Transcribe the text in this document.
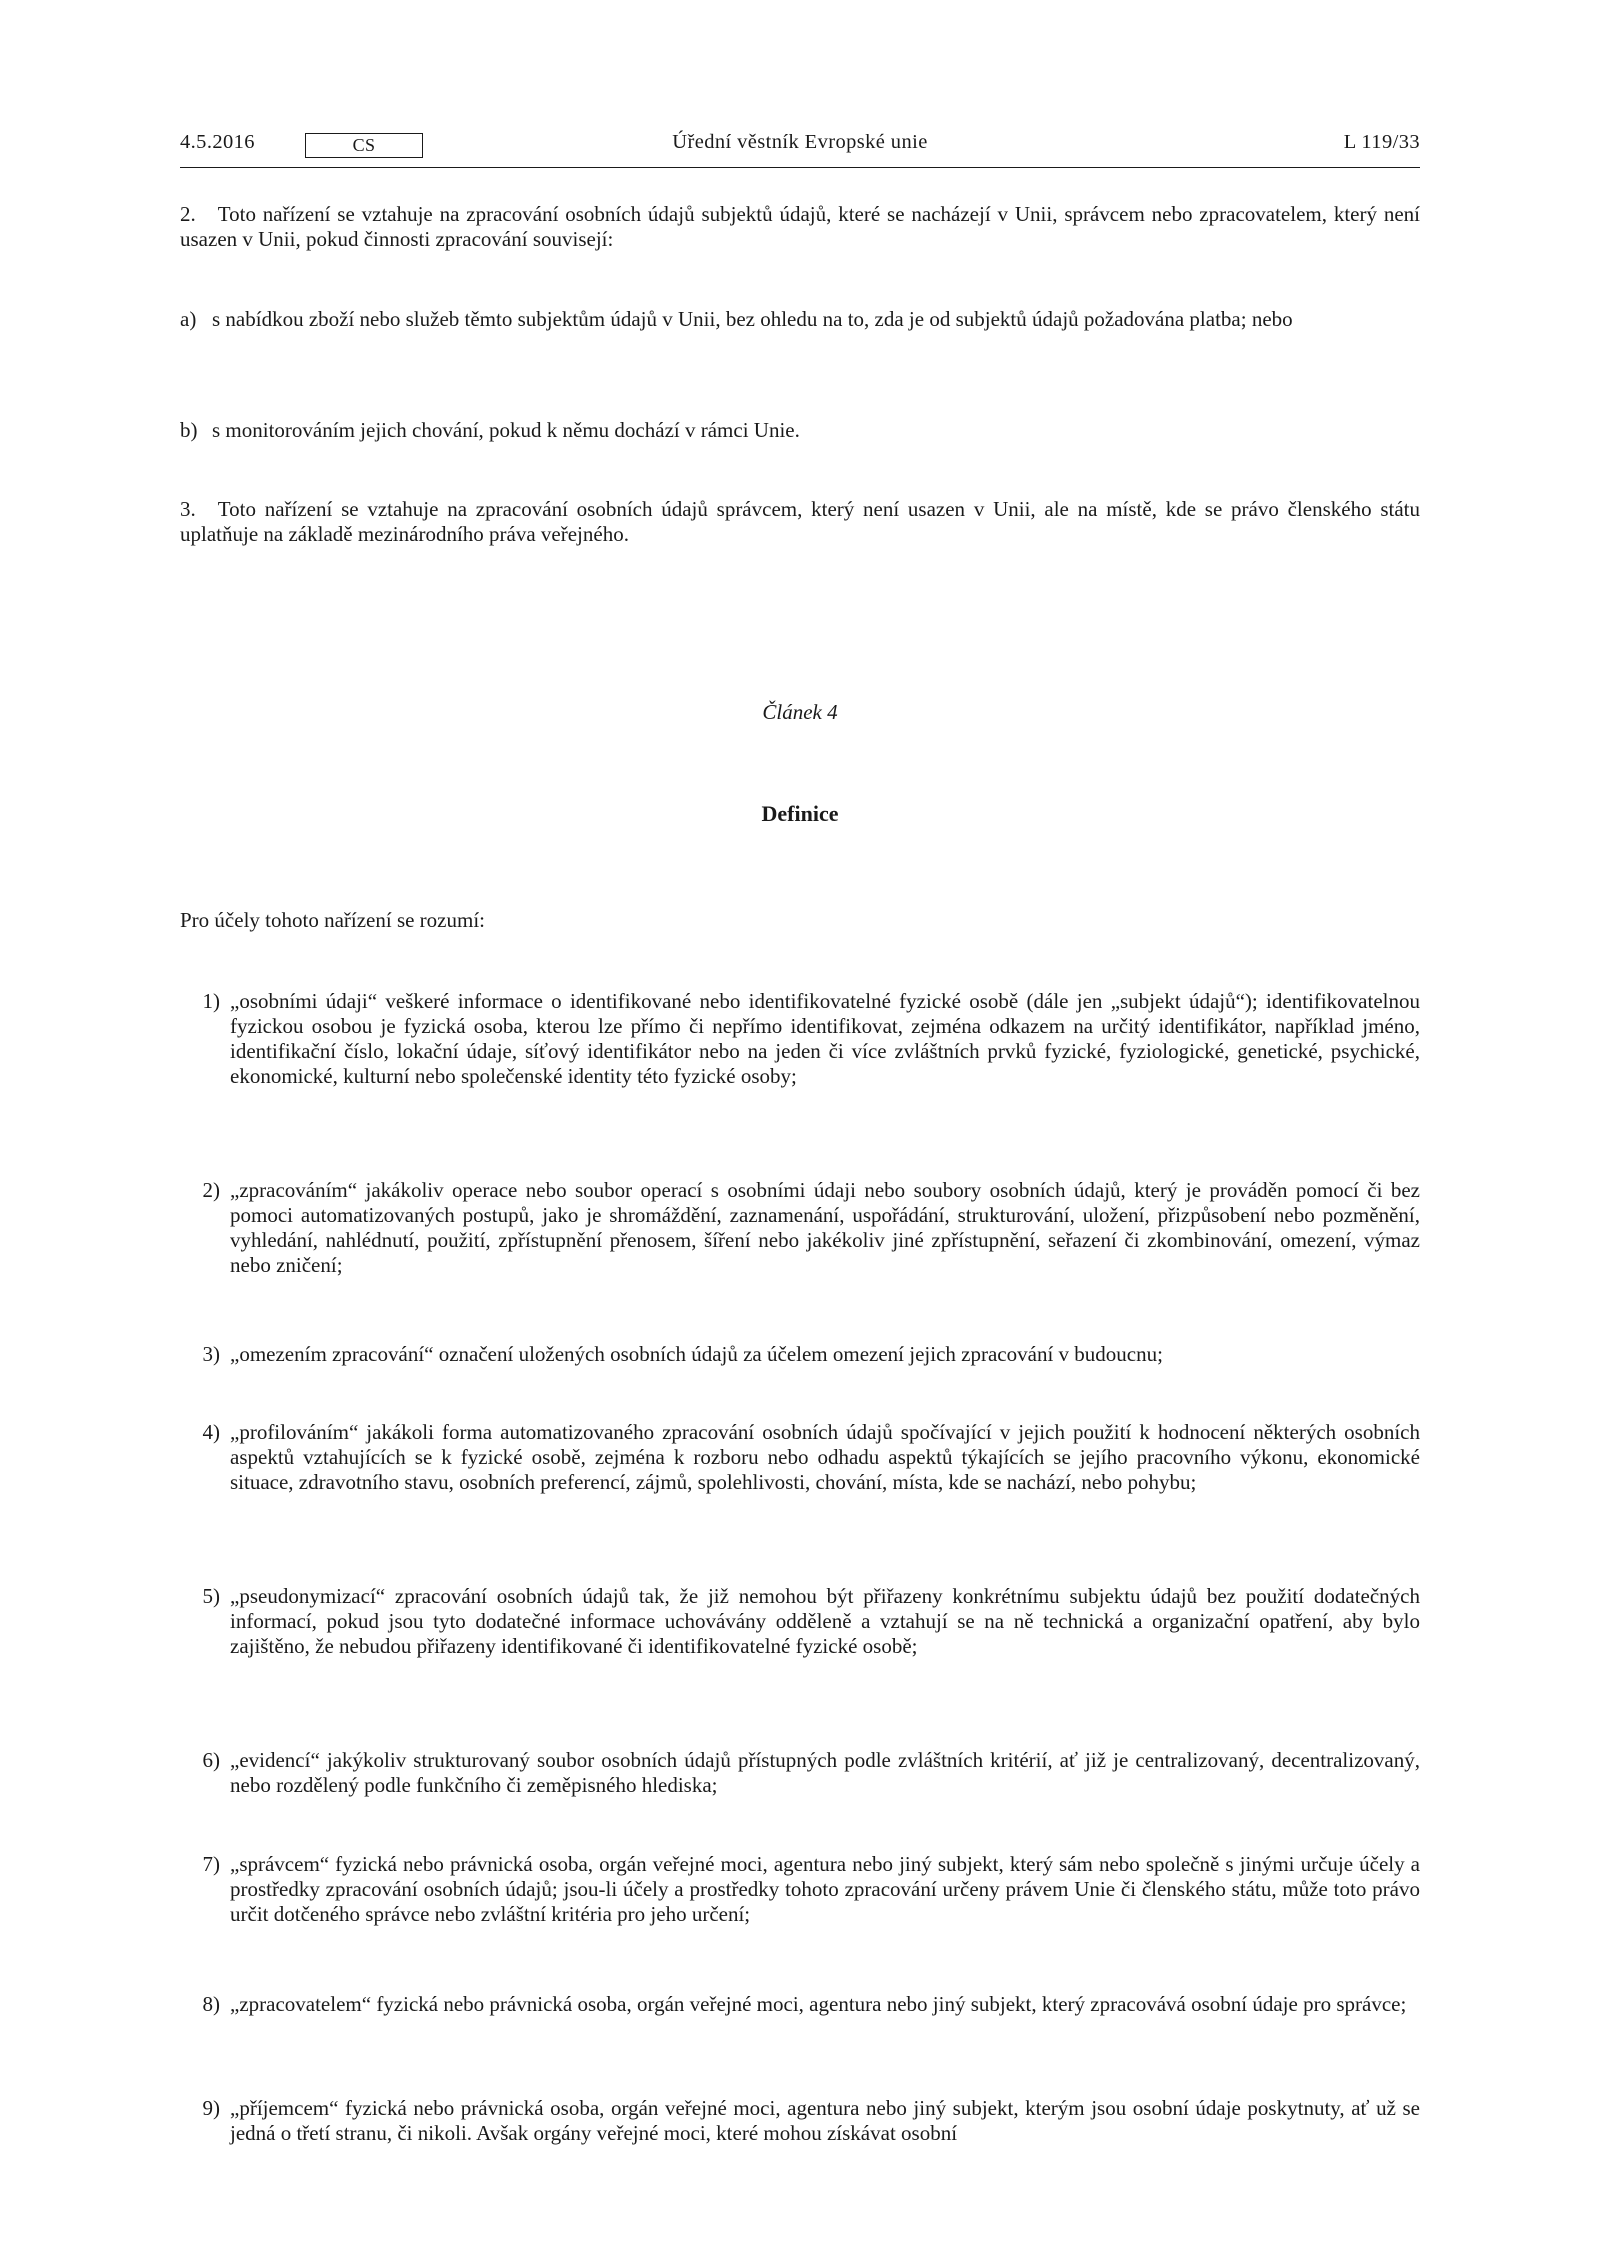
4.5.2016	CS	Úřední věstník Evropské unie	L 119/33
2. Toto nařízení se vztahuje na zpracování osobních údajů subjektů údajů, které se nacházejí v Unii, správcem nebo zpracovatelem, který není usazen v Unii, pokud činnosti zpracování souvisejí:
a) s nabídkou zboží nebo služeb těmto subjektům údajů v Unii, bez ohledu na to, zda je od subjektů údajů požadována platba; nebo
b) s monitorováním jejich chování, pokud k němu dochází v rámci Unie.
3. Toto nařízení se vztahuje na zpracování osobních údajů správcem, který není usazen v Unii, ale na místě, kde se právo členského státu uplatňuje na základě mezinárodního práva veřejného.
Článek 4
Definice
Pro účely tohoto nařízení se rozumí:
1) „osobními údaji“ veškeré informace o identifikované nebo identifikovatelné fyzické osobě (dále jen „subjekt údajů“); identifikovatelnou fyzickou osobou je fyzická osoba, kterou lze přímo či nepřímo identifikovat, zejména odkazem na určitý identifikátor, například jméno, identifikační číslo, lokační údaje, síťový identifikátor nebo na jeden či více zvláštních prvků fyzické, fyziologické, genetické, psychické, ekonomické, kulturní nebo společenské identity této fyzické osoby;
2) „zpracováním“ jakákoliv operace nebo soubor operací s osobními údaji nebo soubory osobních údajů, který je prováděn pomocí či bez pomoci automatizovaných postupů, jako je shromáždění, zaznamenání, uspořádání, strukturování, uložení, přizpůsobení nebo pozměnění, vyhledání, nahlédnutí, použití, zpřístupnění přenosem, šíření nebo jakékoliv jiné zpřístupnění, seřazení či zkombinování, omezení, výmaz nebo zničení;
3) „omezením zpracování“ označení uložených osobních údajů za účelem omezení jejich zpracování v budoucnu;
4) „profilováním“ jakákoli forma automatizovaného zpracování osobních údajů spočívající v jejich použití k hodnocení některých osobních aspektů vztahujících se k fyzické osobě, zejména k rozboru nebo odhadu aspektů týkajících se jejího pracovního výkonu, ekonomické situace, zdravotního stavu, osobních preferencí, zájmů, spolehlivosti, chování, místa, kde se nachází, nebo pohybu;
5) „pseudonymizací“ zpracování osobních údajů tak, že již nemohou být přiřazeny konkrétnímu subjektu údajů bez použití dodatečných informací, pokud jsou tyto dodatečné informace uchovávány odděleně a vztahují se na ně technická a organizační opatření, aby bylo zajištěno, že nebudou přiřazeny identifikované či identifikovatelné fyzické osobě;
6) „evidencí“ jakýkoliv strukturovaný soubor osobních údajů přístupných podle zvláštních kritérií, ať již je centralizovaný, decentralizovaný, nebo rozdělený podle funkčního či zeměpisného hlediska;
7) „správcem“ fyzická nebo právnická osoba, orgán veřejné moci, agentura nebo jiný subjekt, který sám nebo společně s jinými určuje účely a prostředky zpracování osobních údajů; jsou-li účely a prostředky tohoto zpracování určeny právem Unie či členského státu, může toto právo určit dotčeného správce nebo zvláštní kritéria pro jeho určení;
8) „zpracovatelem“ fyzická nebo právnická osoba, orgán veřejné moci, agentura nebo jiný subjekt, který zpracovává osobní údaje pro správce;
9) „příjemcem“ fyzická nebo právnická osoba, orgán veřejné moci, agentura nebo jiný subjekt, kterým jsou osobní údaje poskytnuty, ať už se jedná o třetí stranu, či nikoli. Avšak orgány veřejné moci, které mohou získávat osobní
